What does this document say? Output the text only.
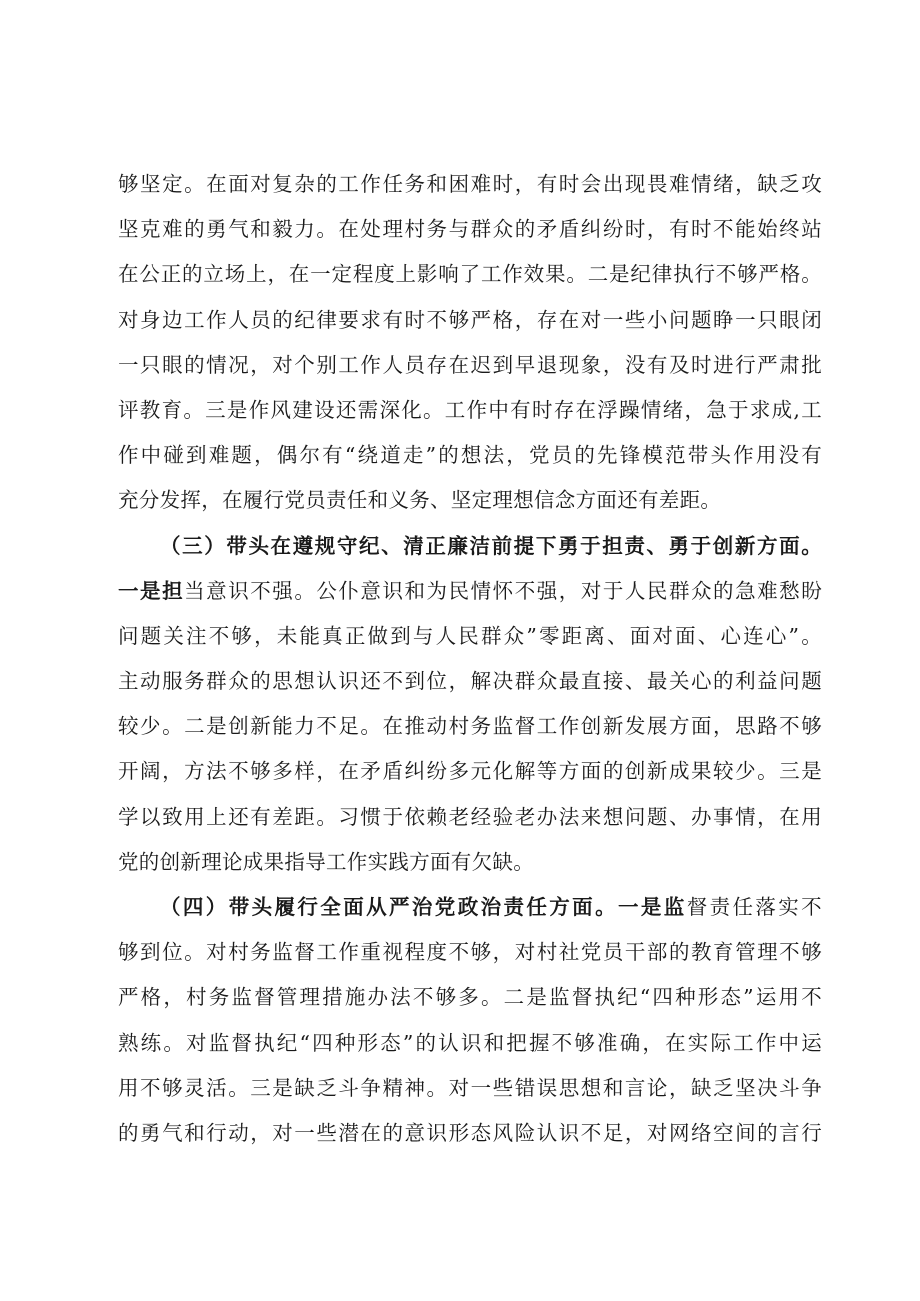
够坚定。在面对复杂的工作任务和困难时，有时会出现畏难情绪，缺乏攻
坚克难的勇气和毅力。在处理村务与群众的矛盾纠纷时，有时不能始终站
在公正的立场上，在一定程度上影响了工作效果。二是纪律执行不够严格。
对身边工作人员的纪律要求有时不够严格，存在对一些小问题睁一只眼闭
一只眼的情况，对个别工作人员存在迟到早退现象，没有及时进行严肃批
评教育。三是作风建设还需深化。工作中有时存在浮躁情绪，急于求成,工
作中碰到难题，偶尔有“绕道走”的想法，党员的先锋模范带头作用没有
充分发挥，在履行党员责任和义务、坚定理想信念方面还有差距。
（三）带头在遵规守纪、清正廉洁前提下勇于担责、勇于创新方面。
一是担当意识不强。公仆意识和为民情怀不强，对于人民群众的急难愁盼
问题关注不够，未能真正做到与人民群众”零距离、面对面、心连心”。
主动服务群众的思想认识还不到位，解决群众最直接、最关心的利益问题
较少。二是创新能力不足。在推动村务监督工作创新发展方面，思路不够
开阔，方法不够多样，在矛盾纠纷多元化解等方面的创新成果较少。三是
学以致用上还有差距。习惯于依赖老经验老办法来想问题、办事情，在用
党的创新理论成果指导工作实践方面有欠缺。
（四）带头履行全面从严治党政治责任方面。一是监督责任落实不
够到位。对村务监督工作重视程度不够，对村社党员干部的教育管理不够
严格，村务监督管理措施办法不够多。二是监督执纪“四种形态”运用不
熟练。对监督执纪“四种形态”的认识和把握不够准确，在实际工作中运
用不够灵活。三是缺乏斗争精神。对一些错误思想和言论，缺乏坚决斗争
的勇气和行动，对一些潜在的意识形态风险认识不足，对网络空间的言行
